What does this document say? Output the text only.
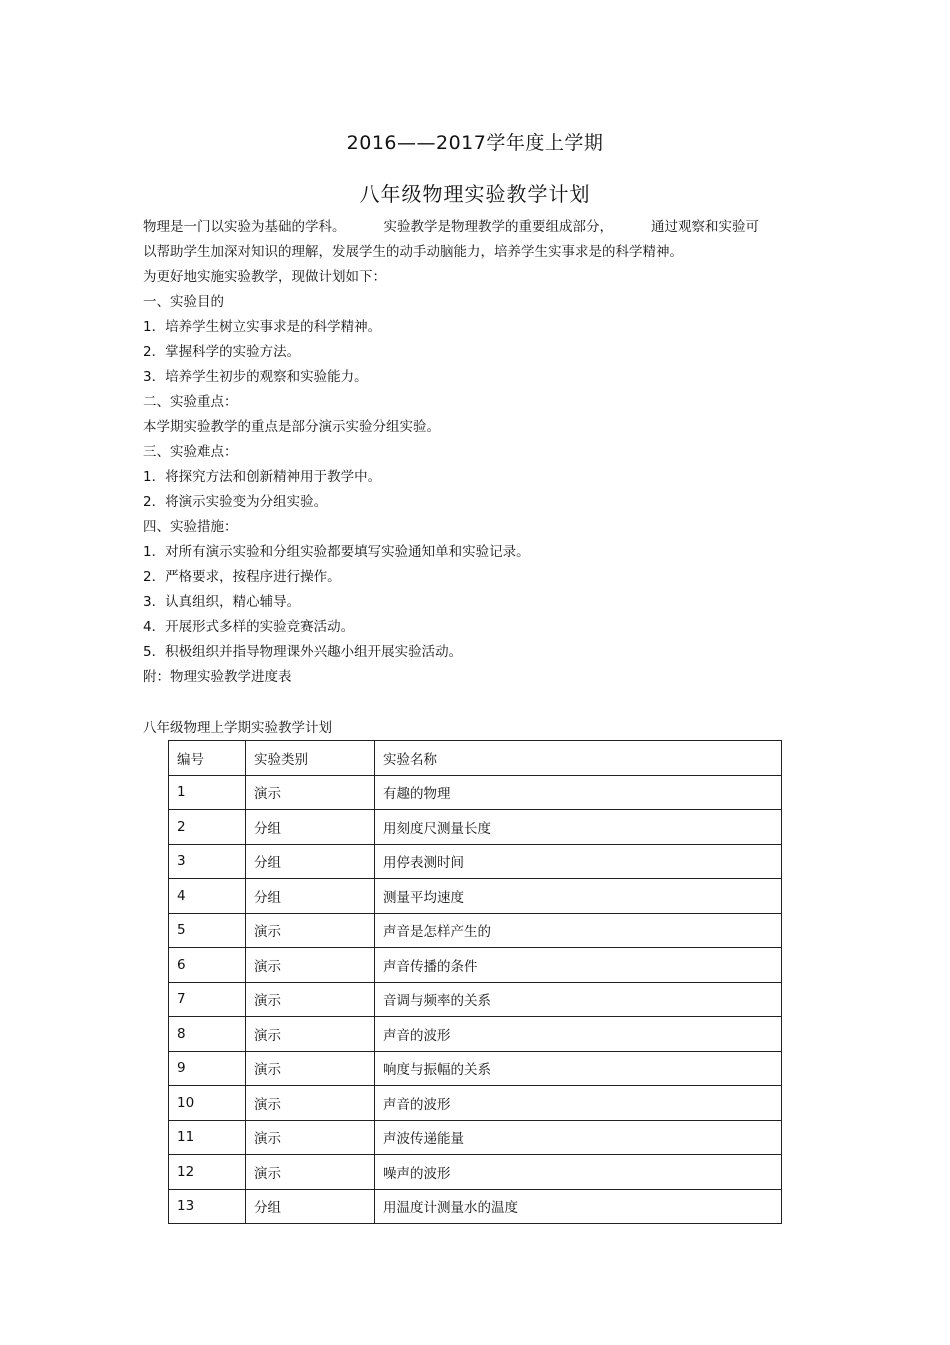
2016——2017学年度上学期
八年级物理实验教学计划

物理是一门以实验为基础的学科。	实验教学是物理教学的重要组成部分，	通过观察和实验可

以帮助学生加深对知识的理解，发展学生的动手动脑能力，培养学生实事求是的科学精神。

为更好地实施实验教学，现做计划如下：
一、实验目的
1．培养学生树立实事求是的科学精神。
2．掌握科学的实验方法。
3．培养学生初步的观察和实验能力。
二、实验重点：
本学期实验教学的重点是部分演示实验分组实验。
三、实验难点：
1．将探究方法和创新精神用于教学中。
2．将演示实验变为分组实验。
四、实验措施：
1．对所有演示实验和分组实验都要填写实验通知单和实验记录。
2．严格要求，按程序进行操作。
3．认真组织，精心辅导。
4．开展形式多样的实验竞赛活动。
5．积极组织并指导物理课外兴趣小组开展实验活动。
附：物理实验教学进度表
八年级物理上学期实验教学计划
编号	实验类别	实验名称
1	演示	有趣的物理
2	分组	用刻度尺测量长度
3	分组	用停表测时间
4	分组	测量平均速度
5	演示	声音是怎样产生的
6	演示	声音传播的条件
7	演示	音调与频率的关系
8	演示	声音的波形
9	演示	响度与振幅的关系
10	演示	声音的波形
11	演示	声波传递能量
12	演示	噪声的波形
13	分组	用温度计测量水的温度
